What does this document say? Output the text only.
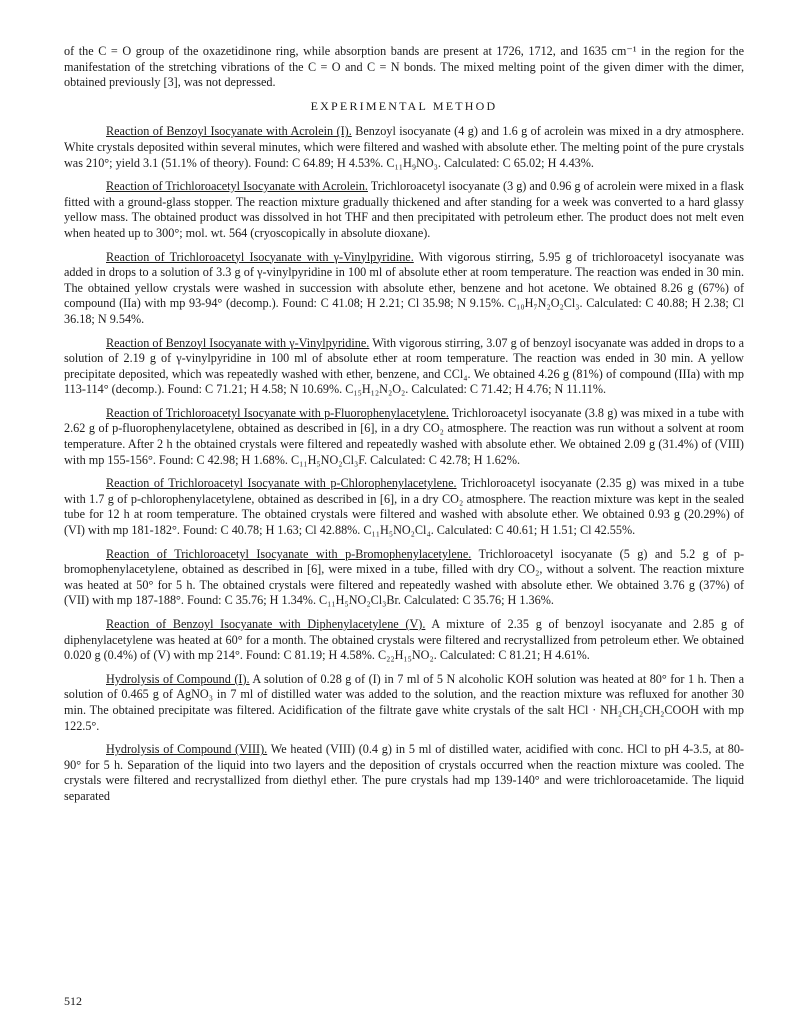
of the C = O group of the oxazetidinone ring, while absorption bands are present at 1726, 1712, and 1635 cm⁻¹ in the region for the manifestation of the stretching vibrations of the C = O and C = N bonds. The mixed melting point of the given dimer with the dimer, obtained previously [3], was not depressed.

EXPERIMENTAL METHOD

Reaction of Benzoyl Isocyanate with Acrolein (I). Benzoyl isocyanate (4 g) and 1.6 g of acrolein was mixed in a dry atmosphere. White crystals deposited within several minutes, which were filtered and washed with absolute ether. The melting point of the pure crystals was 210°; yield 3.1 (51.1% of theory). Found: C 64.89; H 4.53%. C₁₁H₉NO₃. Calculated: C 65.02; H 4.43%.

Reaction of Trichloroacetyl Isocyanate with Acrolein. Trichloroacetyl isocyanate (3 g) and 0.96 g of acrolein were mixed in a flask fitted with a ground-glass stopper. The reaction mixture gradually thickened and after standing for a week was converted to a hard glassy yellow mass. The obtained product was dissolved in hot THF and then precipitated with petroleum ether. The product does not melt even when heated up to 300°; mol. wt. 564 (cryoscopically in absolute dioxane).

Reaction of Trichloroacetyl Isocyanate with γ-Vinylpyridine. With vigorous stirring, 5.95 g of trichloroacetyl isocyanate was added in drops to a solution of 3.3 g of γ-vinylpyridine in 100 ml of absolute ether at room temperature. The reaction was ended in 30 min. The obtained yellow crystals were washed in succession with absolute ether, benzene and hot acetone. We obtained 8.26 g (67%) of compound (IIa) with mp 93-94° (decomp.). Found: C 41.08; H 2.21; Cl 35.98; N 9.15%. C₁₀H₇N₂O₂Cl₃. Calculated: C 40.88; H 2.38; Cl 36.18; N 9.54%.

Reaction of Benzoyl Isocyanate with γ-Vinylpyridine. With vigorous stirring, 3.07 g of benzoyl isocyanate was added in drops to a solution of 2.19 g of γ-vinylpyridine in 100 ml of absolute ether at room temperature. The reaction was ended in 30 min. A yellow precipitate deposited, which was repeatedly washed with ether, benzene, and CCl₄. We obtained 4.26 g (81%) of compound (IIIa) with mp 113-114° (decomp.). Found: C 71.21; H 4.58; N 10.69%. C₁₅H₁₂N₂O₂. Calculated: C 71.42; H 4.76; N 11.11%.

Reaction of Trichloroacetyl Isocyanate with p-Fluorophenylacetylene. Trichloroacetyl isocyanate (3.8 g) was mixed in a tube with 2.62 g of p-fluorophenylacetylene, obtained as described in [6], in a dry CO₂ atmosphere. The reaction was run without a solvent at room temperature. After 2 h the obtained crystals were filtered and repeatedly washed with absolute ether. We obtained 2.09 g (31.4%) of (VIII) with mp 155-156°. Found: C 42.98; H 1.68%. C₁₁H₅NO₂Cl₃F. Calculated: C 42.78; H 1.62%.

Reaction of Trichloroacetyl Isocyanate with p-Chlorophenylacetylene. Trichloroacetyl isocyanate (2.35 g) was mixed in a tube with 1.7 g of p-chlorophenylacetylene, obtained as described in [6], in a dry CO₂ atmosphere. The reaction mixture was kept in the sealed tube for 12 h at room temperature. The obtained crystals were filtered and washed with absolute ether. We obtained 0.93 g (20.29%) of (VI) with mp 181-182°. Found: C 40.78; H 1.63; Cl 42.88%. C₁₁H₅NO₂Cl₄. Calculated: C 40.61; H 1.51; Cl 42.55%.

Reaction of Trichloroacetyl Isocyanate with p-Bromophenylacetylene. Trichloroacetyl isocyanate (5 g) and 5.2 g of p-bromophenylacetylene, obtained as described in [6], were mixed in a tube, filled with dry CO₂, without a solvent. The reaction mixture was heated at 50° for 5 h. The obtained crystals were filtered and repeatedly washed with absolute ether. We obtained 3.76 g (37%) of (VII) with mp 187-188°. Found: C 35.76; H 1.34%. C₁₁H₅NO₂Cl₃Br. Calculated: C 35.76; H 1.36%.

Reaction of Benzoyl Isocyanate with Diphenylacetylene (V). A mixture of 2.35 g of benzoyl isocyanate and 2.85 g of diphenylacetylene was heated at 60° for a month. The obtained crystals were filtered and recrystallized from petroleum ether. We obtained 0.020 g (0.4%) of (V) with mp 214°. Found: C 81.19; H 4.58%. C₂₂H₁₅NO₂. Calculated: C 81.21; H 4.61%.

Hydrolysis of Compound (I). A solution of 0.28 g of (I) in 7 ml of 5 N alcoholic KOH solution was heated at 80° for 1 h. Then a solution of 0.465 g of AgNO₃ in 7 ml of distilled water was added to the solution, and the reaction mixture was refluxed for another 30 min. The obtained precipitate was filtered. Acidification of the filtrate gave white crystals of the salt HCl · NH₂CH₂CH₂COOH with mp 122.5°.

Hydrolysis of Compound (VIII). We heated (VIII) (0.4 g) in 5 ml of distilled water, acidified with conc. HCl to pH 4-3.5, at 80-90° for 5 h. Separation of the liquid into two layers and the deposition of crystals occurred when the reaction mixture was cooled. The crystals were filtered and recrystallized from diethyl ether. The pure crystals had mp 139-140° and were trichloroacetamide. The liquid separated

512
